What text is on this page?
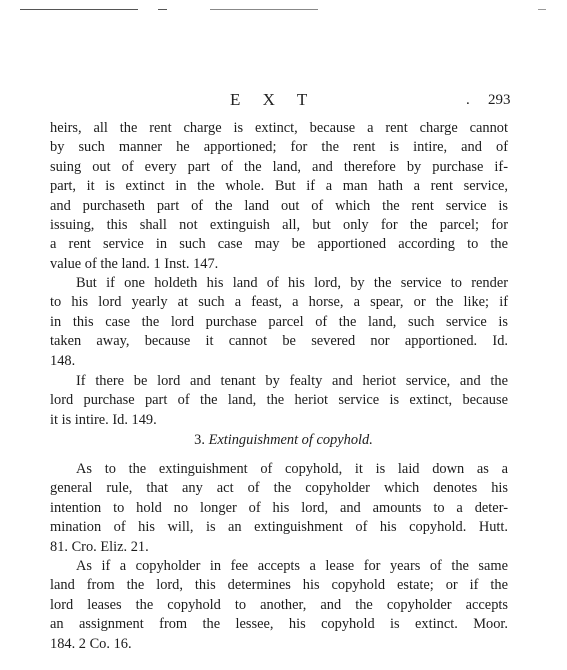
E X T	. 293
heirs, all the rent charge is extinct, because a rent charge cannot
by such manner he apportioned; for the rent is intire, and of
suing out of every part of the land, and therefore by purchase if-
part, it is extinct in the whole. But if a man hath a rent service,
and purchaseth part of the land out of which the rent service is
issuing, this shall not extinguish all, but only for the parcel; for
a rent service in such case may be apportioned according to the
value of the land. 1 Inst. 147.
But if one holdeth his land of his lord, by the service to render
to his lord yearly at such a feast, a horse, a spear, or the like; if
in this case the lord purchase parcel of the land, such service is
taken away, because it cannot be severed nor apportioned. Id.
148.
If there be lord and tenant by fealty and heriot service, and the
lord purchase part of the land, the heriot service is extinct, because
it is intire. Id. 149.
3. Extinguishment of copyhold.
As to the extinguishment of copyhold, it is laid down as a
general rule, that any act of the copyholder which denotes his
intention to hold no longer of his lord, and amounts to a deter-
mination of his will, is an extinguishment of his copyhold. Hutt.
81. Cro. Eliz. 21.
As if a copyholder in fee accepts a lease for years of the same
land from the lord, this determines his copyhold estate; or if the
lord leases the copyhold to another, and the copyholder accepts
an assignment from the lessee, his copyhold is extinct. Moor.
184. 2 Co. 16.
